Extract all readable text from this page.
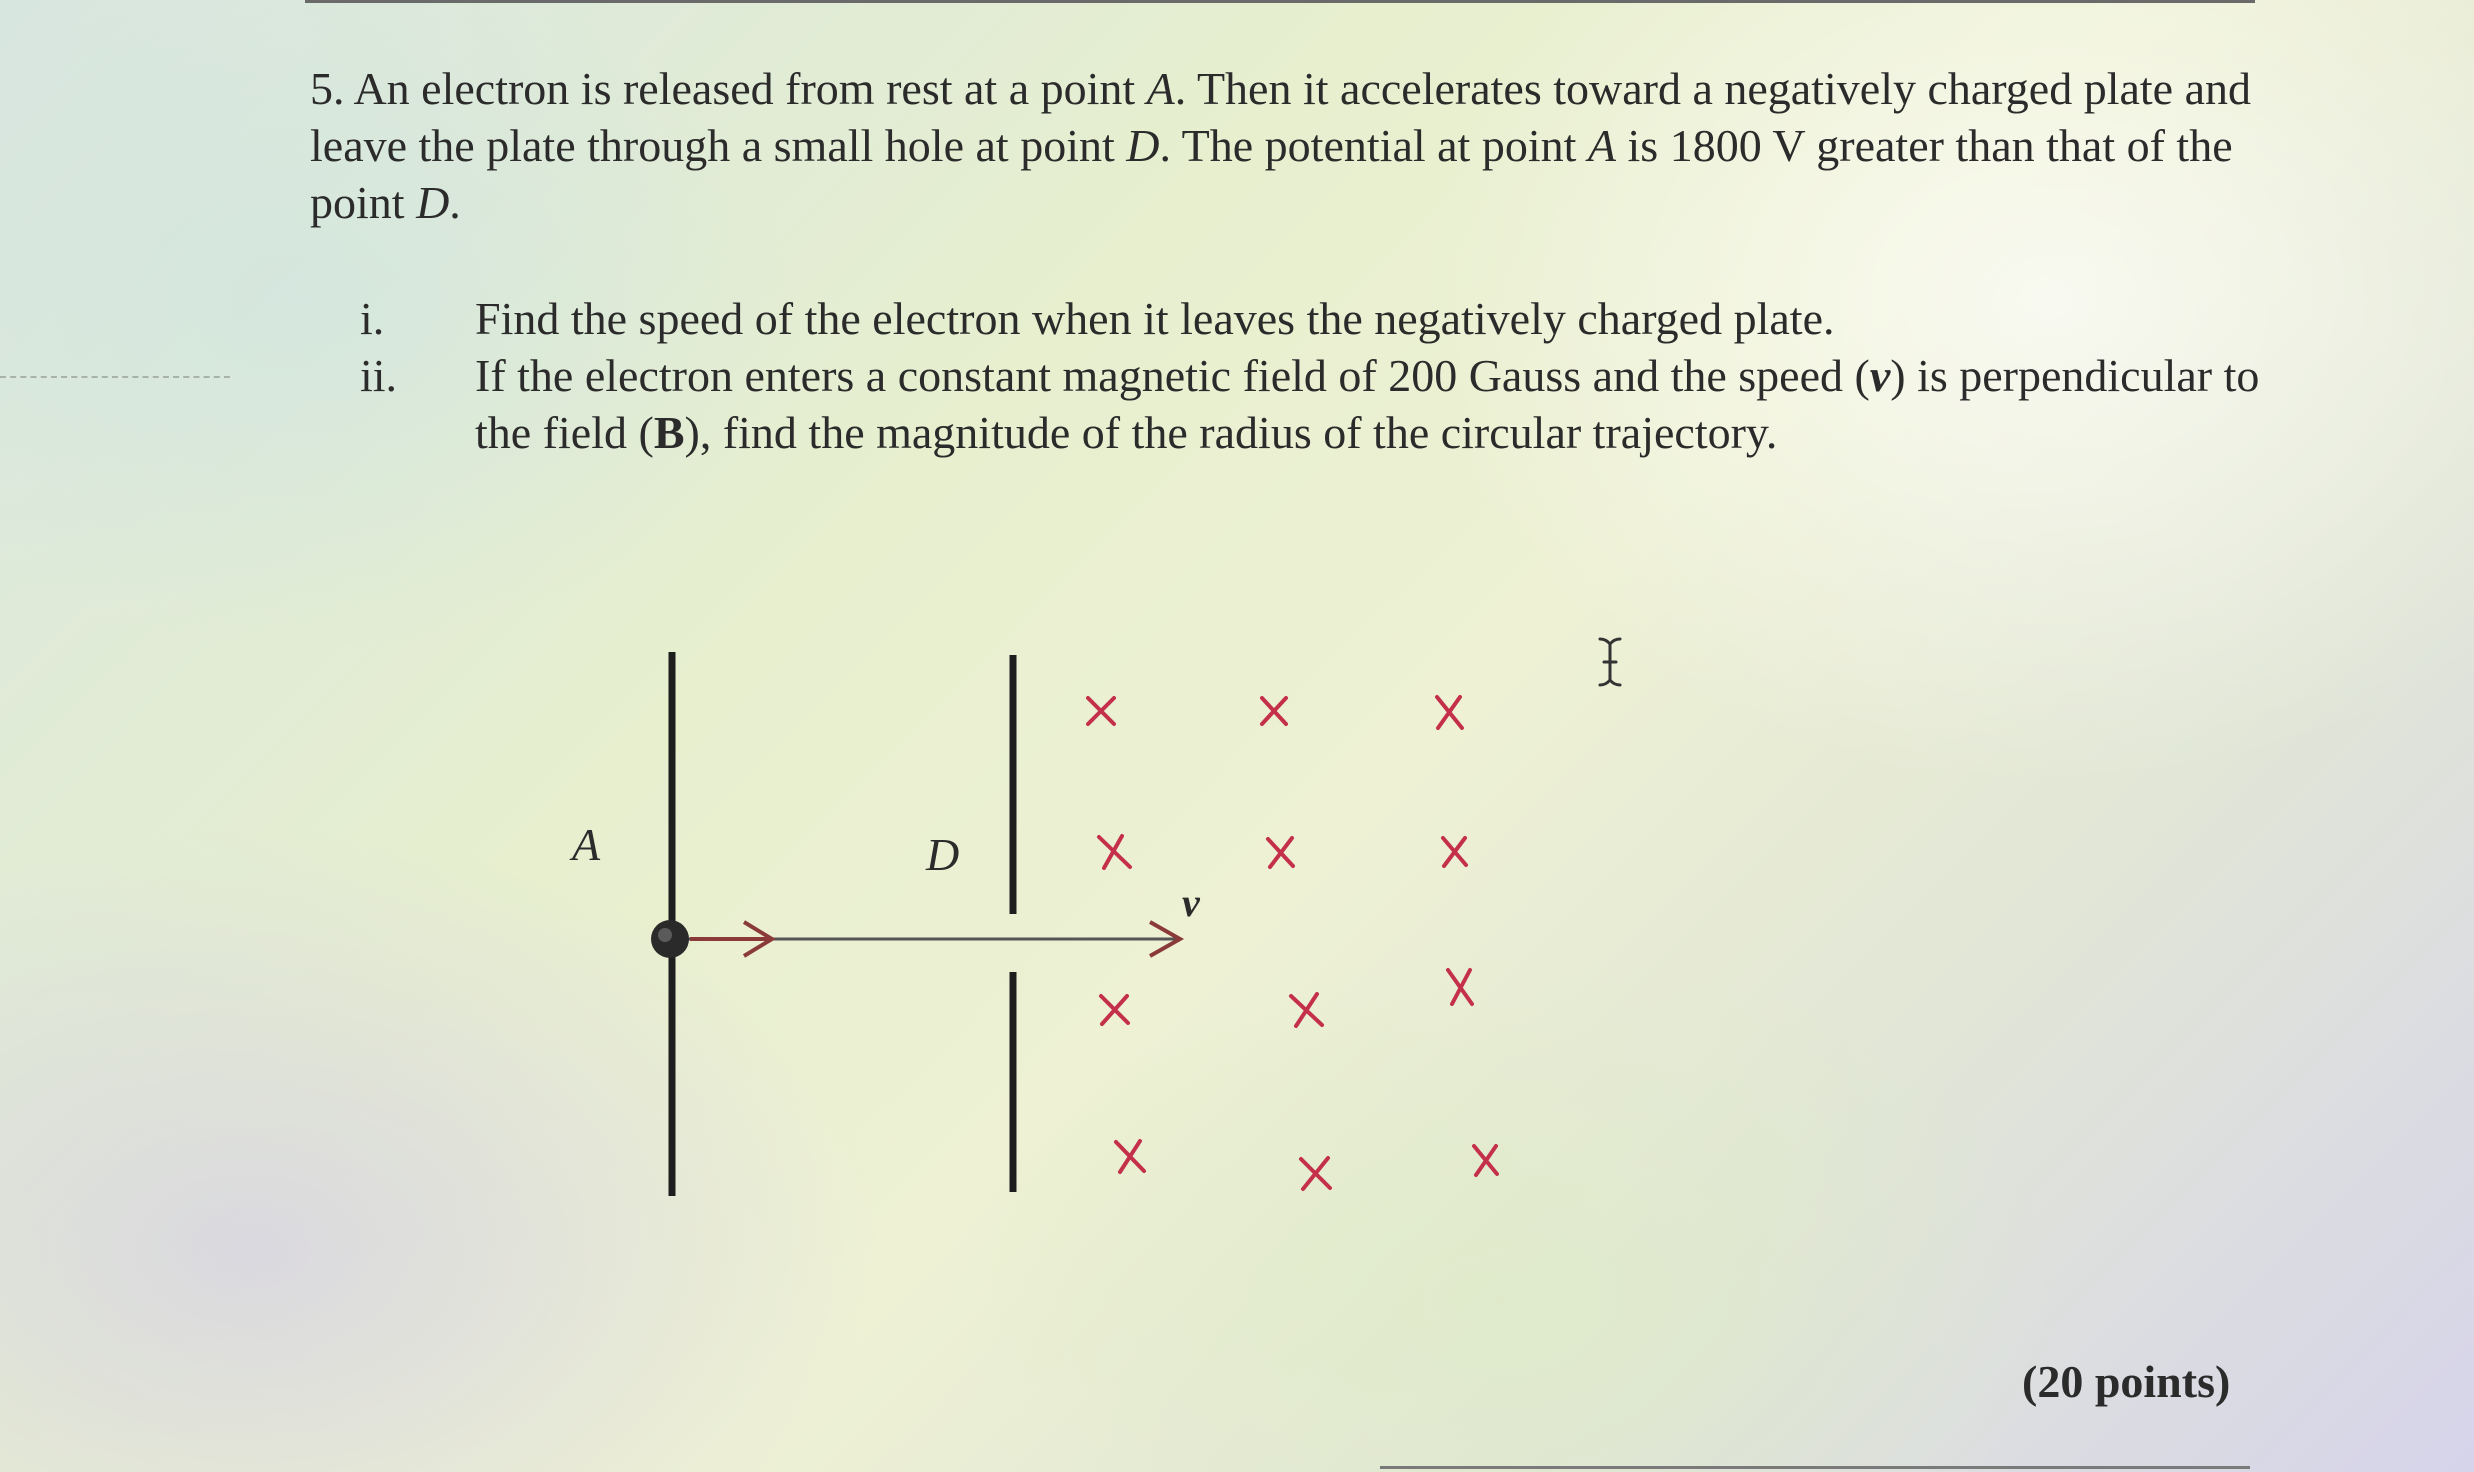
5. An electron is released from rest at a point A. Then it accelerates toward a negatively charged plate and leave the plate through a small hole at point D. The potential at point A is 1800 V greater than that of the point D.

i.	Find the speed of the electron when it leaves the negatively charged plate.
ii.	If the electron enters a constant magnetic field of 200 Gauss and the speed (v) is perpendicular to the field (B), find the magnitude of the radius of the circular trajectory.
A	D
v
(20 points)
